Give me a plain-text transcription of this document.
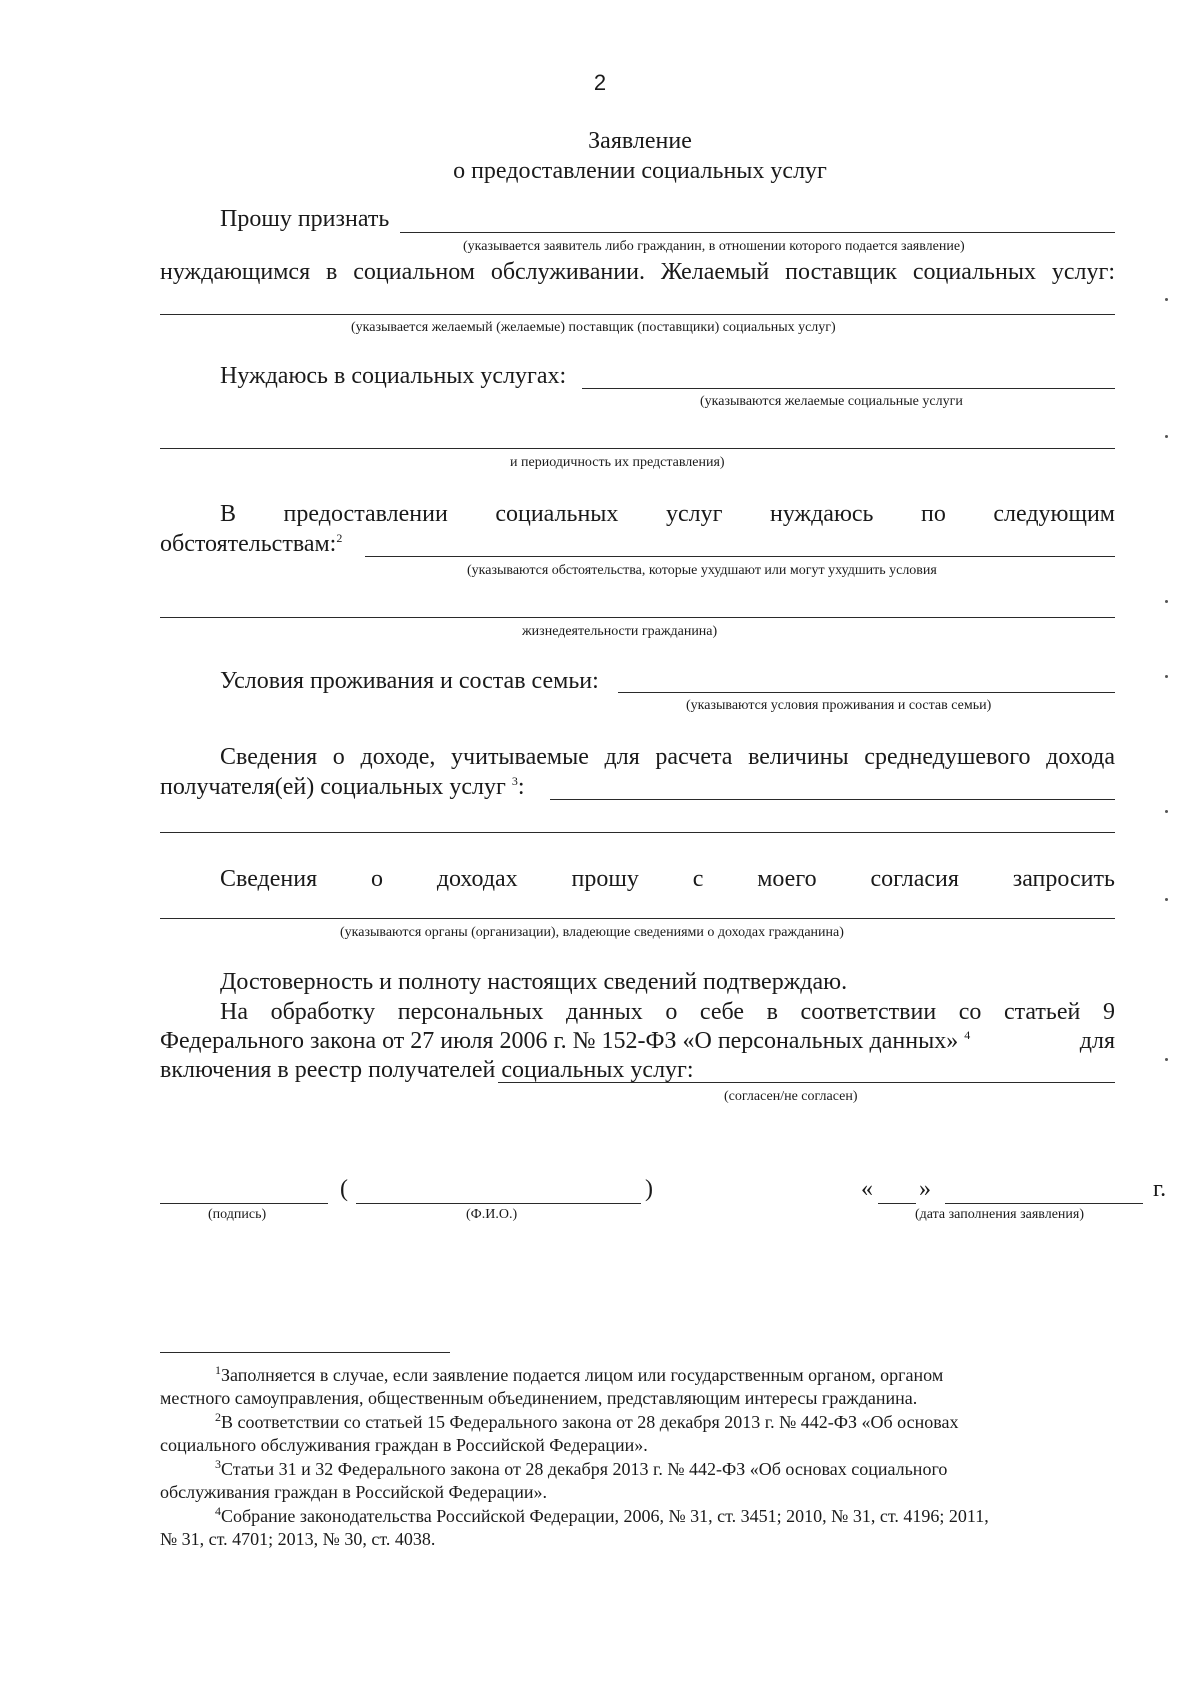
2
Заявление
о предоставлении социальных услуг
Прошу признать
(указывается заявитель либо гражданин, в отношении которого подается заявление)
нуждающимся в социальном обслуживании. Желаемый поставщик социальных услуг:
(указывается желаемый (желаемые) поставщик (поставщики) социальных услуг)
Нуждаюсь в социальных услугах:
(указываются желаемые социальные услуги
и периодичность их представления)
В предоставлении социальных услуг нуждаюсь по следующим
обстоятельствам:$^2$
(указываются обстоятельства, которые ухудшают или могут ухудшить условия
жизнедеятельности гражданина)
Условия проживания и состав семьи:
(указываются условия проживания и состав семьи)
Сведения о доходе, учитываемые для расчета величины среднедушевого дохода
получателя(ей) социальных услуг $^3$:
Сведения о доходах прошу с моего согласия запросить
(указываются органы (организации), владеющие сведениями о доходах гражданина)
Достоверность и полноту настоящих сведений подтверждаю.
На обработку персональных данных о себе в соответствии со статьей 9
Федерального закона от 27 июля 2006 г. № 152-ФЗ «О персональных данных» $^4$	для
включения в реестр получателей социальных услуг:
(согласен/не согласен)
(	)	« »	г.
(подпись)	(Ф.И.О.)	(дата заполнения заявления)
$^1$Заполняется в случае, если заявление подается лицом или государственным органом, органом
местного самоуправления, общественным объединением, представляющим интересы гражданина.
$^2$В соответствии со статьей 15 Федерального закона от 28 декабря 2013 г. № 442-ФЗ «Об основах
социального обслуживания граждан в Российской Федерации».
$^3$Статьи 31 и 32 Федерального закона от 28 декабря 2013 г. № 442-ФЗ «Об основах социального
обслуживания граждан в Российской Федерации».
$^4$Собрание законодательства Российской Федерации, 2006, № 31, ст. 3451; 2010, № 31, ст. 4196; 2011,
№ 31, ст. 4701; 2013, № 30, ст. 4038.
